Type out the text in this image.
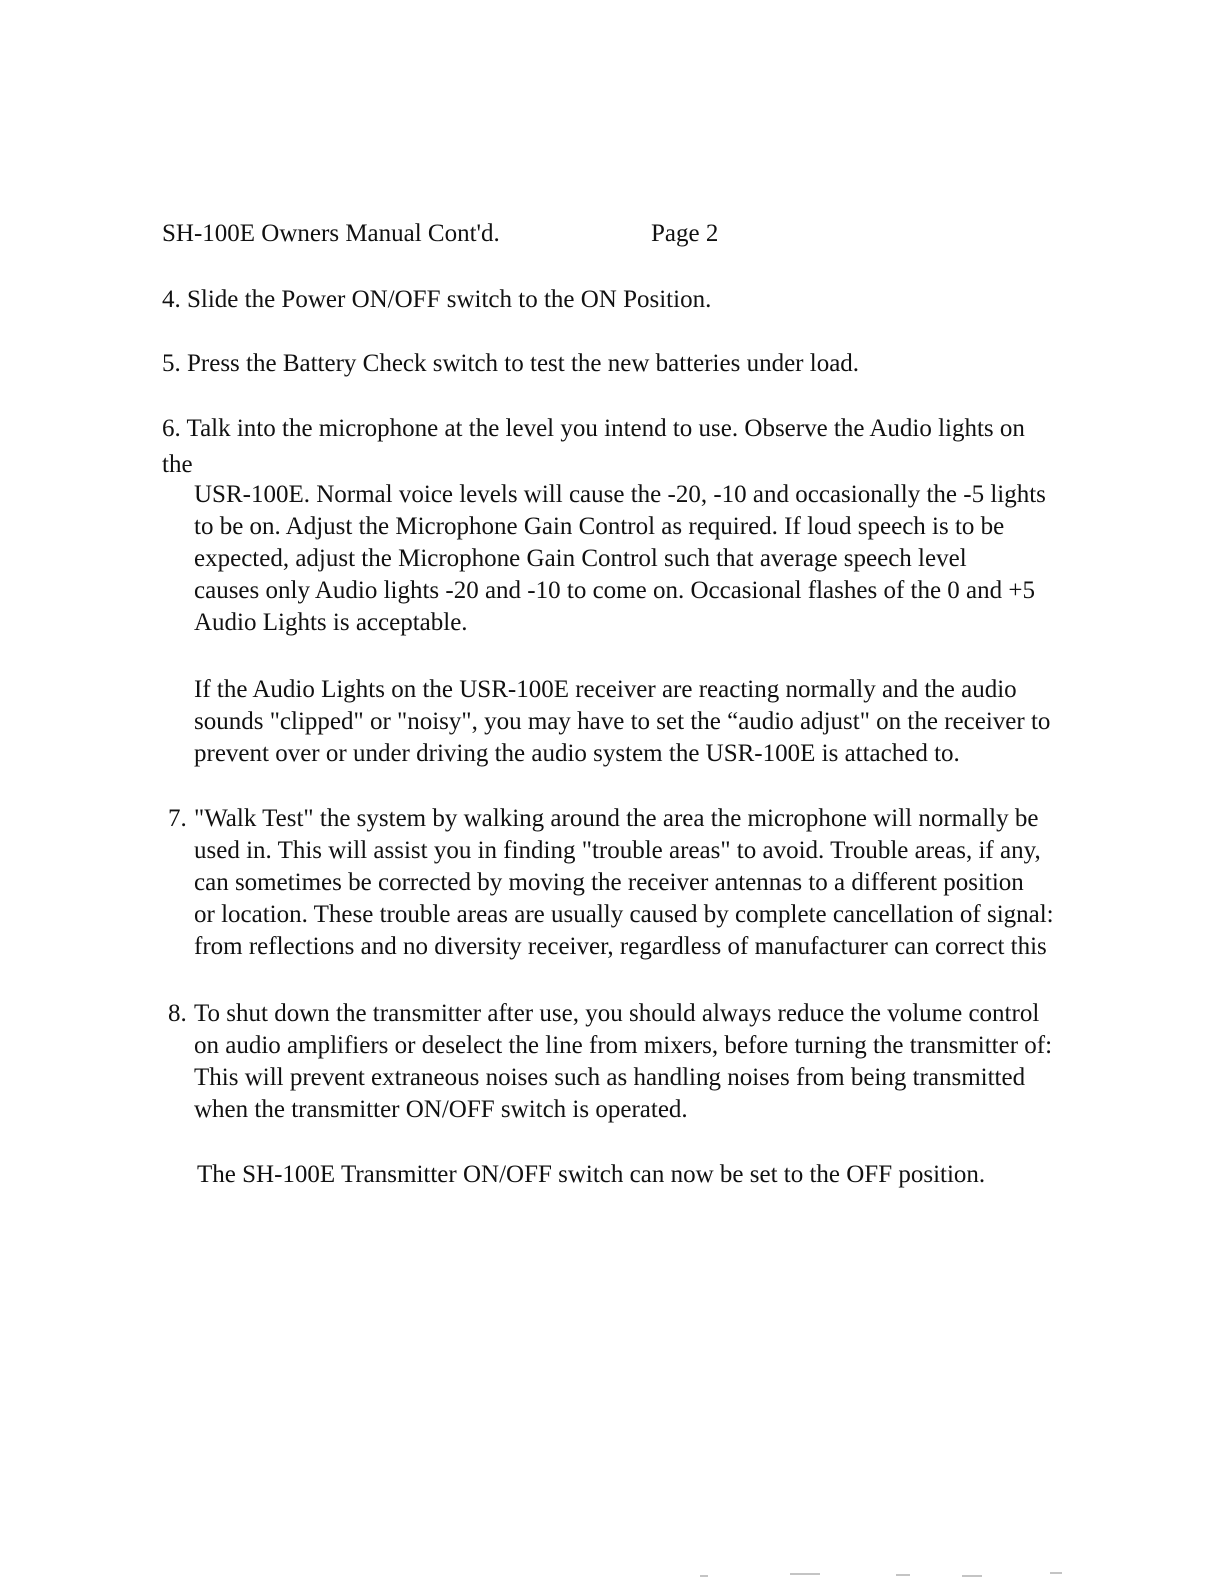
SH-100E Owners Manual Cont'd.	Page 2
4. Slide the Power ON/OFF switch to the ON Position.
5. Press the Battery Check switch to test the new batteries under load.
6. Talk into the microphone at the level you intend to use. Observe the Audio lights on
the
USR-100E. Normal voice levels will cause the -20, -10 and occasionally the -5 lights
to be on. Adjust the Microphone Gain Control as required. If loud speech is to be
expected, adjust the Microphone Gain Control such that average speech level
causes only Audio lights -20 and -10 to come on. Occasional flashes of the 0 and +5
Audio Lights is acceptable.
If the Audio Lights on the USR-100E receiver are reacting normally and the audio
sounds "clipped" or "noisy", you may have to set the “audio adjust" on the receiver to
prevent over or under driving the audio system the USR-100E is attached to.
7. "Walk Test" the system by walking around the area the microphone will normally be
used in. This will assist you in finding "trouble areas" to avoid. Trouble areas, if any,
can sometimes be corrected by moving the receiver antennas to a different position
or location. These trouble areas are usually caused by complete cancellation of signal:
from reflections and no diversity receiver, regardless of manufacturer can correct this
8. To shut down the transmitter after use, you should always reduce the volume control
on audio amplifiers or deselect the line from mixers, before turning the transmitter of:
This will prevent extraneous noises such as handling noises from being transmitted
when the transmitter ON/OFF switch is operated.
The SH-100E Transmitter ON/OFF switch can now be set to the OFF position.
